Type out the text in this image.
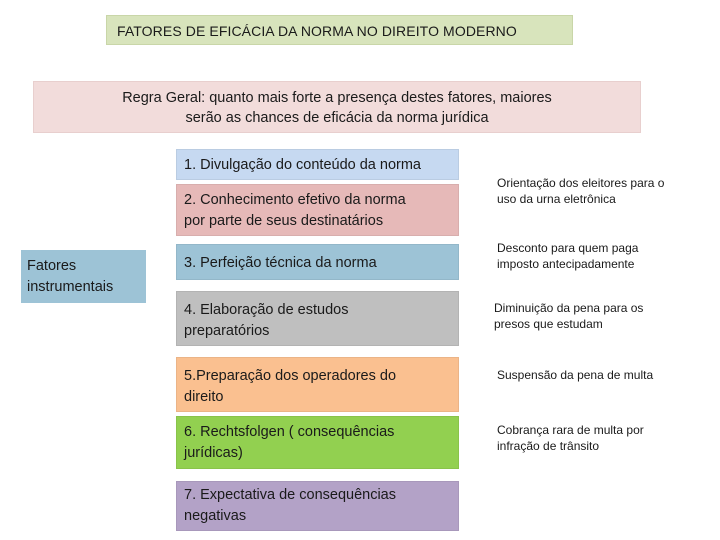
FATORES DE EFICÁCIA DA NORMA NO DIREITO MODERNO
Regra Geral: quanto mais forte a presença destes fatores, maiores
serão as chances de eficácia da norma jurídica
Fatores
instrumentais
1. Divulgação do conteúdo da norma
2. Conhecimento efetivo da norma
por parte de seus destinatários
3. Perfeição técnica da norma
4. Elaboração de estudos
preparatórios
5.Preparação dos operadores do
direito
6. Rechtsfolgen ( consequências
jurídicas)
7. Expectativa de consequências
negativas
Orientação dos eleitores para o
uso da urna eletrônica
Desconto para quem paga
imposto antecipadamente
Diminuição da pena para os
presos que estudam
Suspensão da pena de multa
Cobrança rara de multa por
infração de trânsito
